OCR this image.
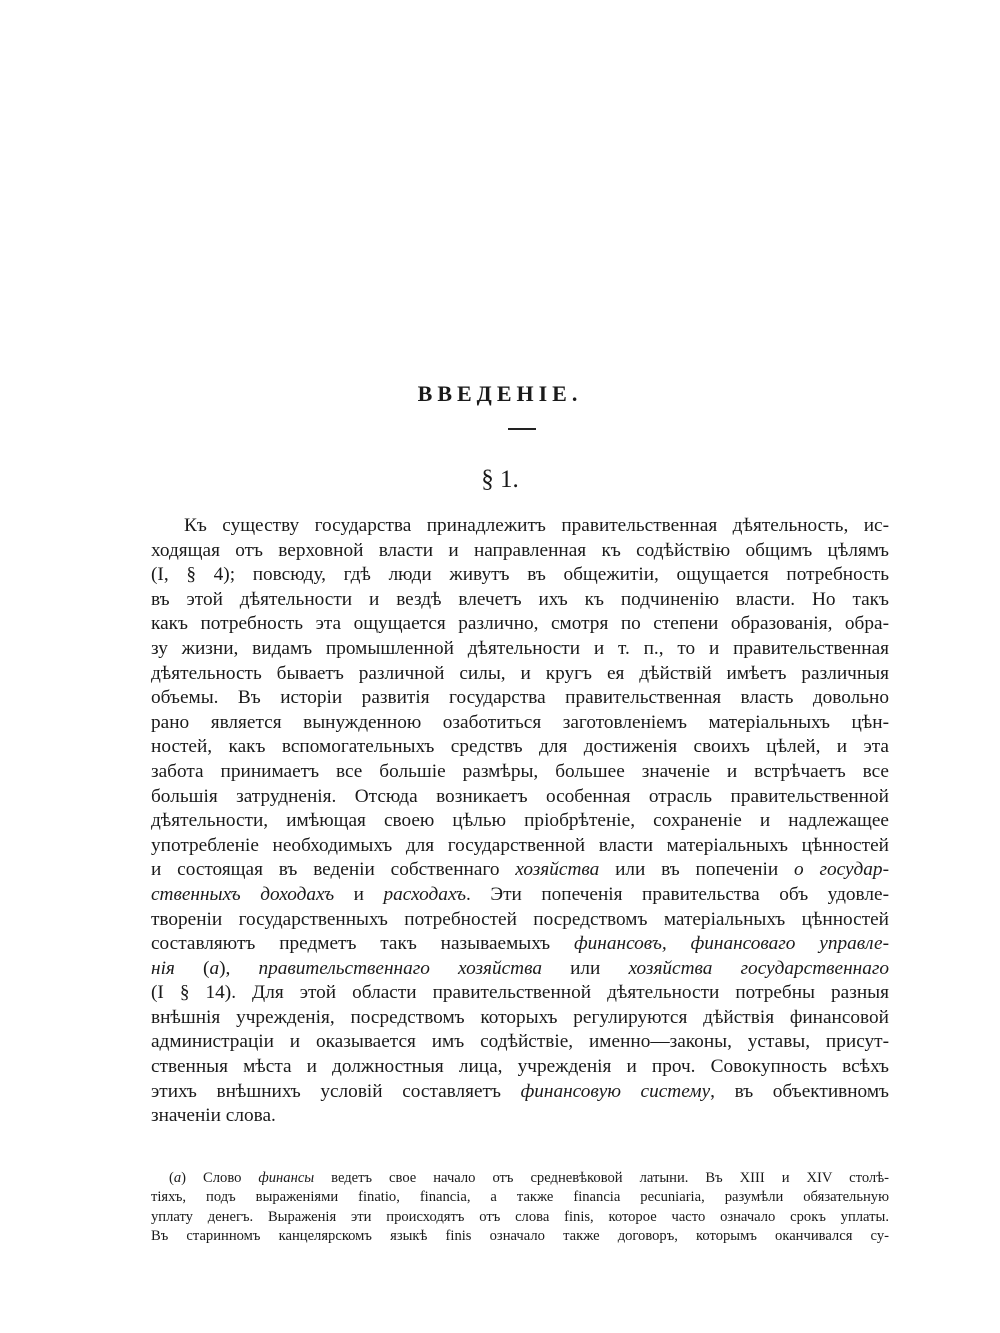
ВВЕДЕНІЕ.
§ 1.
Къ существу государства принадлежитъ правительственная дѣятельность, ис-
ходящая отъ верховной власти и направленная къ содѣйствію общимъ цѣлямъ
(I, § 4); повсюду, гдѣ люди живутъ въ общежитіи, ощущается потребность
въ этой дѣятельности и вездѣ влечетъ ихъ къ подчиненію власти. Но такъ
какъ потребность эта ощущается различно, смотря по степени образованія, обра-
зу жизни, видамъ промышленной дѣятельности и т. п., то и правительственная
дѣятельность бываетъ различной силы, и кругъ ея дѣйствій имѣетъ различныя
объемы. Въ исторіи развитія государства правительственная власть довольно
рано является вынужденною озаботиться заготовленіемъ матеріальныхъ цѣн-
ностей, какъ вспомогательныхъ средствъ для достиженія своихъ цѣлей, и эта
забота принимаетъ все большіе размѣры, большее значеніе и встрѣчаетъ все
большія затрудненія. Отсюда возникаетъ особенная отрасль правительственной
дѣятельности, имѣющая своею цѣлью пріобрѣтеніе, сохраненіе и надлежащее
употребленіе необходимыхъ для государственной власти матеріальныхъ цѣнностей
и состоящая въ веденіи собственнаго хозяйства или въ попеченіи о государ-
ственныхъ доходахъ и расходахъ. Эти попеченія правительства объ удовле-
твореніи государственныхъ потребностей посредствомъ матеріальныхъ цѣнностей
составляютъ предметъ такъ называемыхъ финансовъ, финансоваго управле-
нія (а), правительственнаго хозяйства или хозяйства государственнаго
(I § 14). Для этой области правительственной дѣятельности потребны разныя
внѣшнія учрежденія, посредствомъ которыхъ регулируются дѣйствія финансовой
администраціи и оказывается имъ содѣйствіе, именно—законы, уставы, присут-
ственныя мѣста и должностныя лица, учрежденія и проч. Совокупность всѣхъ
этихъ внѣшнихъ условій составляетъ финансовую систему, въ объективномъ
значеніи слова.
(а) Слово финансы ведетъ свое начало отъ средневѣковой латыни. Въ XIII и XIV столѣ-
тіяхъ, подъ выраженіями finatio, financia, а также financia pecuniaria, разумѣли обязательную
уплату денегъ. Выраженія эти происходятъ отъ слова finis, которое часто означало срокъ уплаты.
Въ старинномъ канцелярскомъ языкѣ finis означало также договоръ, которымъ оканчивался су-
